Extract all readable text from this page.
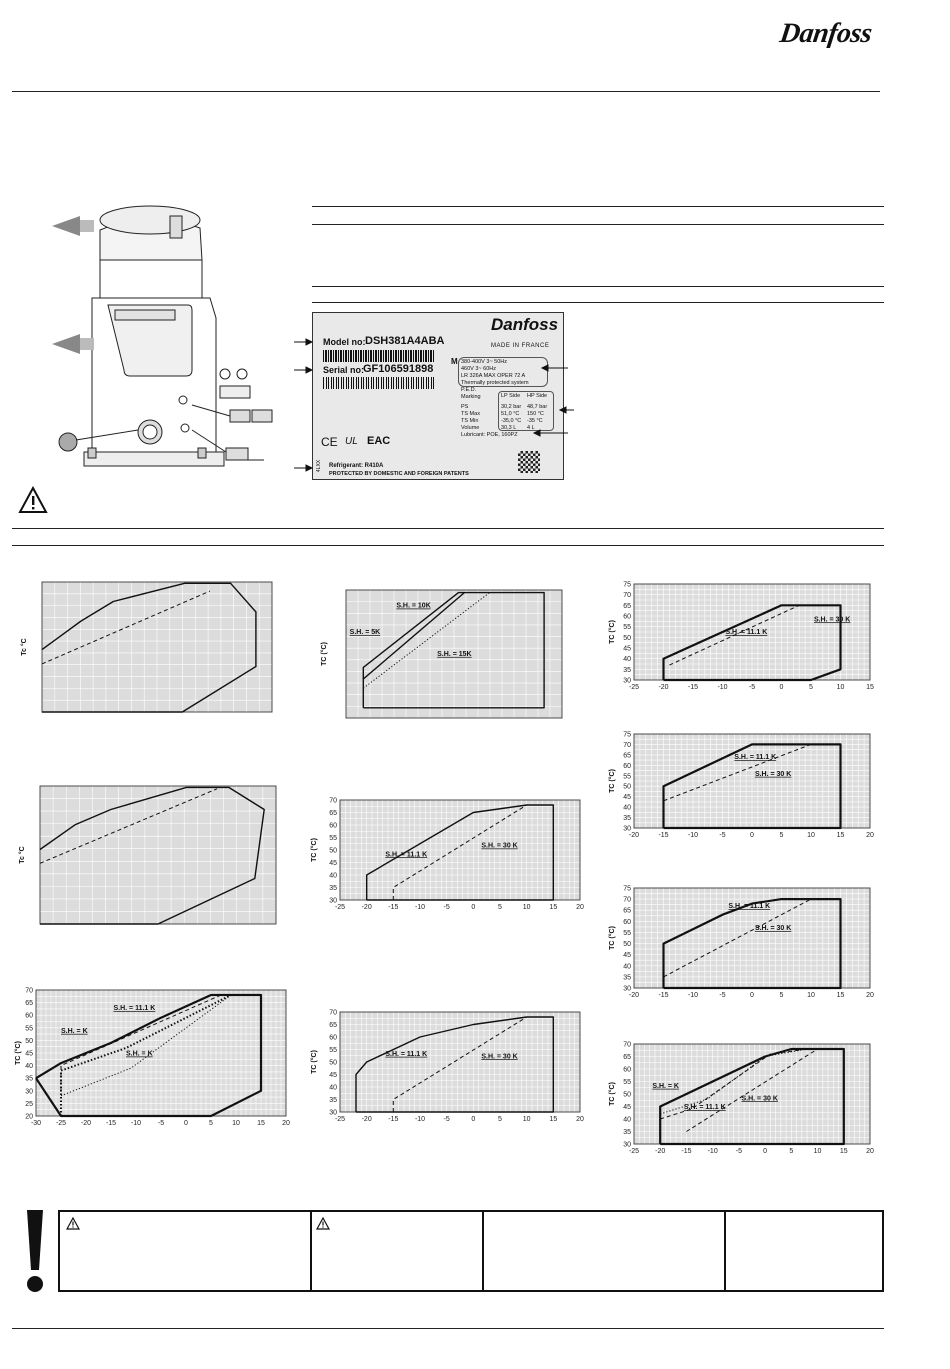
Danfoss
Model no: DSH381A4ABA
Serial no:
GF106591898
Danfoss
MADE IN FRANCE
M 380-400V 3~ 50Hz
460V 3~ 60Hz
LR 326A MAX OPER 72 A
Thermally protected system
P.E.D.
Marking	LP Side HP Side
PS	30,2 bar 48,7 bar
TS Max	51,0 °C 150 °C
TS Min	-35,0 °C -35 °C
Volume	30,3 L 4 L
Lubricant: POE, 160PZ
CE UL EAC
Refrigerant: R410A
PROTECTED BY DOMESTIC AND FOREIGN PATENTS
4LXX
Tc °C
Tc °C
-30 -25 -20 -15 -10 -5	0	5	10 15 20
20
25
30
35
40
45
50
55
60
65
70
S.H. = 11.1 K
S.H. = K
S.H. = K
TC (°C)
S.H. = 10K
S.H. = 5K
S.H. = 15K
TC (°C)
-25 -20 -15 -10	-5	0	5	10	15	20
30
35
40
45
50
55
60
65
70
S.H. = 11.1 K
S.H. = 30 K
TC (°C)
-25 -20 -15 -10	-5	0	5	10	15	20
30
35
40
45
50
55
60
65
70
S.H. = 11.1 K	S.H. = 30 K
TC (°C)
-25	-20	-15	-10	-5	0	5	10	15
30
35
40
45
50
55
60
65
70
75
S.H. = 30 K
S.H. = 11.1 K
TC (°C)
-20	-15	-10	-5	0	5	10	15	20
30
35
40
45
50
55
60
65
70
75
S.H. = 11.1 K
S.H. = 30 K
TC (°C)
-20	-15	-10	-5	0	5	10	15	20
30
35
40
45
50
55
60
65
70
75
S.H. = 11.1 K
S.H. = 30 K
TC (°C)
-25 -20 -15 -10	-5	0	5	10	15	20
30
35
40
45
50
55
60
65
70
S.H. = K
S.H. = 11.1 K
S.H. = 30 K
TC (°C)
